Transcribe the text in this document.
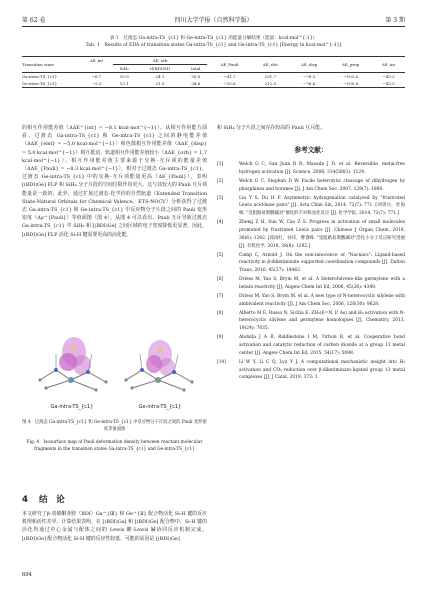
第 62 卷	四川大学学报（自然科学版）	第 3 期
表 1　过渡态 Ga-intra-TS_{c1} 和 Ge-intra-TS_{c1} 的能量分解结果（能量：kcal·mol^{-1}）
Tab. 1　Results of EDA of transition states Ga-intra-TS_{c1} and Ge-intra-TS_{c1} [Energy in kcal·mol^{-1}]
Transition state	ΔE_int	ΔE_orb			ΔE_Pauli	ΔE_elst	ΔE_disp	ΔE_prep	ΔE_int
		SiH₃	t[(BDI)M]	total					
Ga-intra-TS_{c1}	−6.7	10.9	24.1	35.0	−41.7	201.7	−78.5	−102.6	−45.2
Ge-intra-TS_{c1}	−5.3	13.1	21.5	34.6	−35.6	212.0	−76.6	−100.6	−43.5

的相互作用能差值（ΔΔE^{int} = −8.1 kcal·mol^{−1}）。从相互作用能方面看，过渡态 Ga-intra-TS_{c1} 和 Ge-intra-TS_{c1} 之间的静电能差值（ΔΔE_{elst} = −5.0 kcal·mol^{−1}）和色散相互作用能差值（ΔΔE_{disp} = 5.0 kcal·mol^{−1}）相互抵消，轨道相互作用能差值较小（ΔΔE_{orb} = 1.7 kcal·mol^{−1}）。相互作用能差值主要来源于交换-互斥项的能量差值（ΔΔE_{Pauli} = −8.3 kcal·mol^{−1}）。相对于过渡态 Ga-intra-TS_{c1}，过渡态 Ge-intra-TS_{c1} 中的交换-互斥项能量更高（ΔE_{Pauli}），表明 [(BDI)Ge] FLP 和 SiH₄ 分子片段的空间位阻作用更大，这与其较大的 Pauli 互斥项能量是一致的。此外，通过扩展过渡态-化学价的自然轨道（Extended Transition State-Natural Orbitals for Chemical Valence，ETS-NOCV）分析获得了过渡态 Ga-intra-TS_{c1} 和 Ge-intra-TS_{c1} 中反应物分子片段之间的 Pauli 变形密度（Δρ^{Pauli}）等值面图（图 4）。从图 4 可以看出，Pauli 互斥导致过渡态 Ga-intra-TS_{c1} 中 SiH₃ 和 [(BDI)Ge] 之间区域的电子密度降低更显著，因此，[(BDI)Ge] FLP 活化 Si-H 键需要更高的活化能。

Ga-intra-TS_{c1}	Ge-intra-TS_{c1}
图 4　过渡态 Ga-intra-TS_{c1} 和 Ge-intra-TS_{c1} 中反应物分子片段之间的 Pauli 变形密度等值面图
Fig. 4　Isosurface map of Pauli deformation density between reactant molecular fragments in the transition states Ga-intra-TS_{c1} and Ge-intra-TS_{c1}
4 结　论

本文研究了β-双烯酮亚胺（BDI）Ga^{Ⅲ} 和 Ge^{Ⅱ} 配合物活化 Si-H 键的反应机理和活性差异。计算结果表明，在 [(BDI)Ga] 和 [(BDI)Ge] 配合物中，Si-H 键的活化均通过中心金属与配体之间的 Lewis 酸-Lewis 碱协同反应机制完成。[(BDI)Ge] 配合物活化 Si-H 键的反应性较低，可能的原因是 [(BDI)Ge]

和 SiH₄ 分子片段之间存在较高的 Pauli 互斥能。

参考文献：
[1]	Welch G C, San Juan R R, Masuda J D, et al. Reversible, metal-free hydrogen activation [J]. Science, 2006, 314(5803): 1124.
[2]	Welch G C, Stephan D W. Facile heterolytic cleavage of dihydrogen by phosphines and boranes [J]. J Am Chem Soc, 2007, 129(7): 1880.
[3]	Liu Y S, Du H F. Asymmetric hydrogenation catalyzed by "frustrated Lewis acid-base pairs" [J]. Acta Chim Sin, 2014, 72(7): 771. [刘勇兵，杜海峰. "受阻路易斯酸碱对"催化的不对称氢化反应 [J]. 化学学报, 2014, 72(7): 771.]
[4]	Zheng Z H, Sun W, Cao Z S. Progress in activation of small molecules promoted by frustrated Lewis pairs [J]. Chinese J Organ Chem, 2018, 38(6): 1292. [郑再红，孙伟，曹睿峰. "受阻路易斯酸碱对"活化小分子反应研究进展 [J]. 有机化学, 2018, 38(6): 1292.]
[5]	Camp C, Arnold J. On the non-innocence of "Nacnacs": Ligand-based reactivity in β-diketiminate supported coordination compounds [J]. Dalton Trans, 2016, 45(37): 14462.
[6]	Driess M, Yao S, Brym M, et al. A Heterofulvene-like germylene with a betain reactivity [J]. Angew Chem Int Ed, 2006, 45(26): 4349.
[7]	Driess M, Yao S, Brym M, et al. A new type of N-heterocyclic silylene with ambivalent reactivity [J]. J Am Chem Soc, 2006, 128(30): 9628.
[8]	Alberto M E, Russo N, Sicilia E. ZH₂(E=N, P, As) and H₂ activation with N-heterocyclic silylene and germylene homologues [J]. Chemistry, 2013, 19(24): 7835.
[9]	Abdalla J A B, Riddlestone I M, Tirfoin R, et al. Cooperative bond activation and catalytic reduction of carbon dioxide at a group 13 metal center [J]. Angew Chem Int Ed, 2015, 54(17): 5098.
[10]	Li W Y, Li C Q, Lyu Y J. A computational mechanistic insight into H₂ activation and CO₂ reduction over β-diketiminato-ligated group 13 metal complexes [J]. J Catal, 2019, 373: 1.
694
